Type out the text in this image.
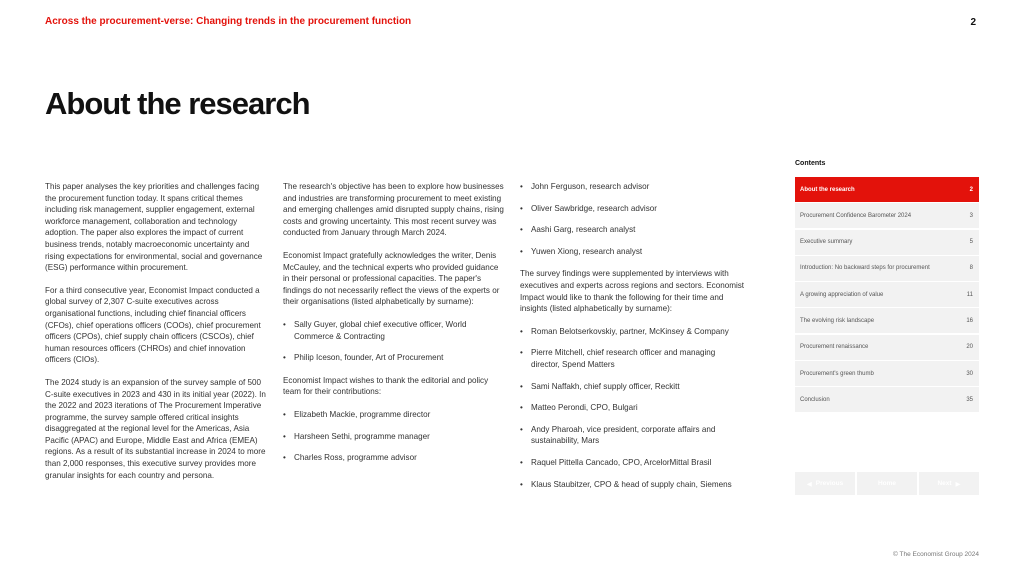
Across the procurement-verse: Changing trends in the procurement function	2
About the research

This paper analyses the key priorities and challenges facing the procurement function today. It spans critical themes including risk management, supplier engagement, external workforce management, collaboration and technology adoption. The paper also explores the impact of current business trends, notably macroeconomic uncertainty and rising expectations for environmental, social and governance (ESG) performance within procurement.

For a third consecutive year, Economist Impact conducted a global survey of 2,307 C-suite executives across organisational functions, including chief financial officers (CFOs), chief operations officers (COOs), chief procurement officers (CPOs), chief supply chain officers (CSCOs), chief human resources officers (CHROs) and chief innovation officers (CIOs).

The 2024 study is an expansion of the survey sample of 500 C-suite executives in 2023 and 430 in its initial year (2022). In the 2022 and 2023 iterations of The Procurement Imperative programme, the survey sample offered critical insights disaggregated at the regional level for the Americas, Asia Pacific (APAC) and Europe, Middle East and Africa (EMEA) regions. As a result of its substantial increase in 2024 to more than 2,000 responses, this executive survey provides more granular insights for each country and persona.

The research's objective has been to explore how businesses and industries are transforming procurement to meet existing and emerging challenges amid disrupted supply chains, rising costs and growing uncertainty. This most recent survey was conducted from January through March 2024.

Economist Impact gratefully acknowledges the writer, Denis McCauley, and the technical experts who provided guidance in their personal or professional capacities. The paper's findings do not necessarily reflect the views of the experts or their organisations (listed alphabetically by surname):

• Sally Guyer, global chief executive officer, World Commerce & Contracting
• Philip Iceson, founder, Art of Procurement

Economist Impact wishes to thank the editorial and policy team for their contributions:

• Elizabeth Mackie, programme director
• Harsheen Sethi, programme manager
• Charles Ross, programme advisor
• John Ferguson, research advisor
• Oliver Sawbridge, research advisor
• Aashi Garg, research analyst
• Yuwen Xiong, research analyst

The survey findings were supplemented by interviews with executives and experts across regions and sectors. Economist Impact would like to thank the following for their time and insights (listed alphabetically by surname):

• Roman Belotserkovskiy, partner, McKinsey & Company
• Pierre Mitchell, chief research officer and managing director, Spend Matters
• Sami Naffakh, chief supply officer, Reckitt
• Matteo Perondi, CPO, Bulgari
• Andy Pharoah, vice president, corporate affairs and sustainability, Mars
• Raquel Pittella Cancado, CPO, ArcelorMittal Brasil
• Klaus Staubitzer, CPO & head of supply chain, Siemens
Contents
About the research	2
Procurement Confidence Barometer 2024	3
Executive summary	5
Introduction: No backward steps for procurement	8
A growing appreciation of value	11
The evolving risk landscape	16
Procurement renaissance	20
Procurement's green thumb	30
Conclusion	35
◀ Previous	Home	Next ▶
© The Economist Group 2024
